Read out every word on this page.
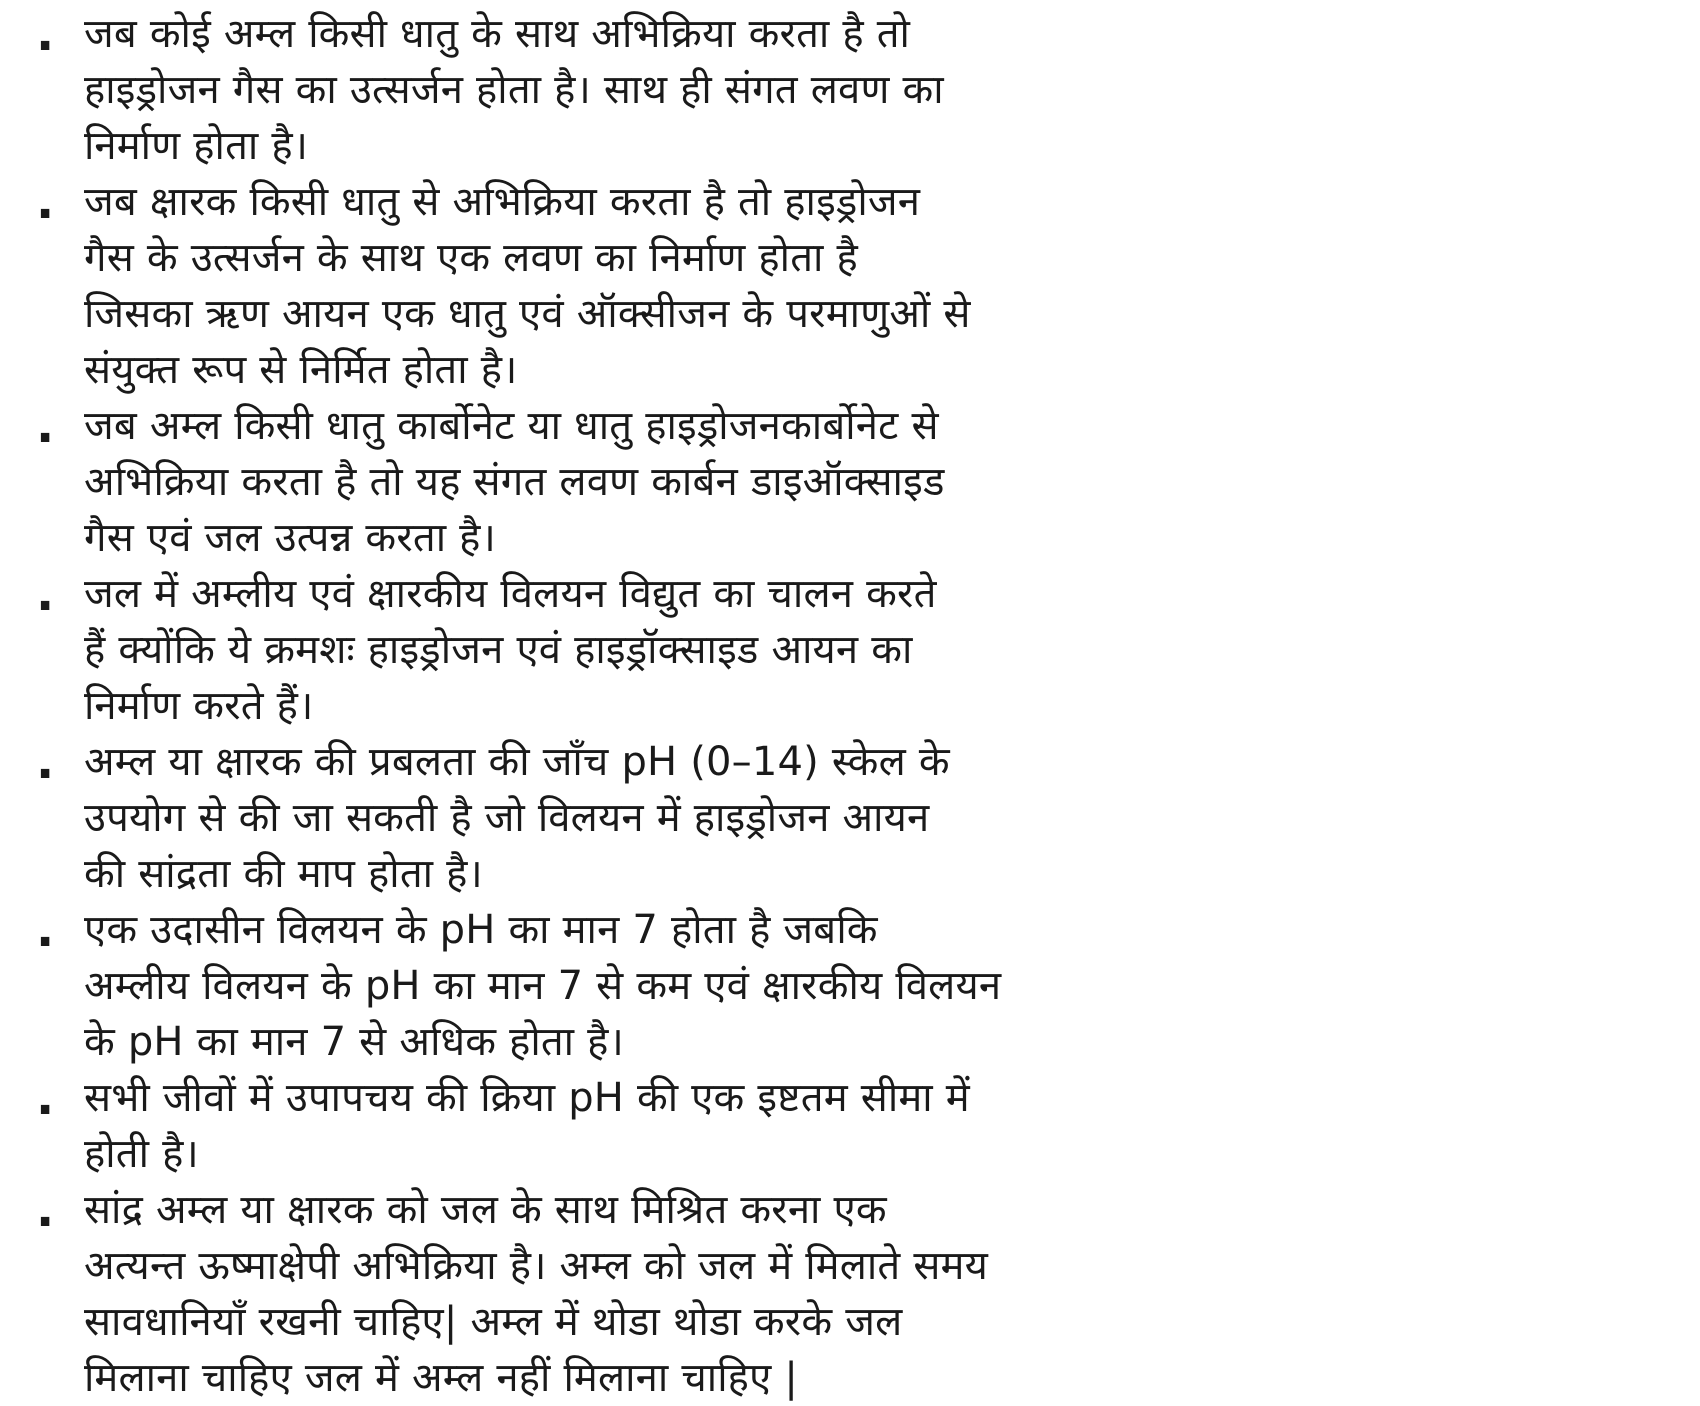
. जब कोई अम्ल किसी धातु के साथ अभिक्रिया करता है तो
हाइड्रोजन गैस का उत्सर्जन होता है। साथ ही संगत लवण का
निर्माण होता है।
. जब क्षारक किसी धातु से अभिक्रिया करता है तो हाइड्रोजन
गैस के उत्सर्जन के साथ एक लवण का निर्माण होता है
जिसका ऋण आयन एक धातु एवं ऑक्सीजन के परमाणुओं से
संयुक्त रूप से निर्मित होता है।
. जब अम्ल किसी धातु कार्बोनेट या धातु हाइड्रोजनकार्बोनेट से
अभिक्रिया करता है तो यह संगत लवण कार्बन डाइऑक्साइड
गैस एवं जल उत्पन्न करता है।
. जल में अम्लीय एवं क्षारकीय विलयन विद्युत का चालन करते
हैं क्योंकि ये क्रमशः हाइड्रोजन एवं हाइड्रॉक्साइड आयन का
निर्माण करते हैं।
. अम्ल या क्षारक की प्रबलता की जाँच pH (0–14) स्केल के
उपयोग से की जा सकती है जो विलयन में हाइड्रोजन आयन
की सांद्रता की माप होता है।
. एक उदासीन विलयन के pH का मान 7 होता है जबकि
अम्लीय विलयन के pH का मान 7 से कम एवं क्षारकीय विलयन
के pH का मान 7 से अधिक होता है।
. सभी जीवों में उपापचय की क्रिया pH की एक इष्टतम सीमा में
होती है।
. सांद्र अम्ल या क्षारक को जल के साथ मिश्रित करना एक
अत्यन्त ऊष्माक्षेपी अभिक्रिया है। अम्ल को जल में मिलाते समय
सावधानियाँ रखनी चाहिए| अम्ल में थोडा थोडा करके जल
मिलाना चाहिए जल में अम्ल नहीं मिलाना चाहिए |
